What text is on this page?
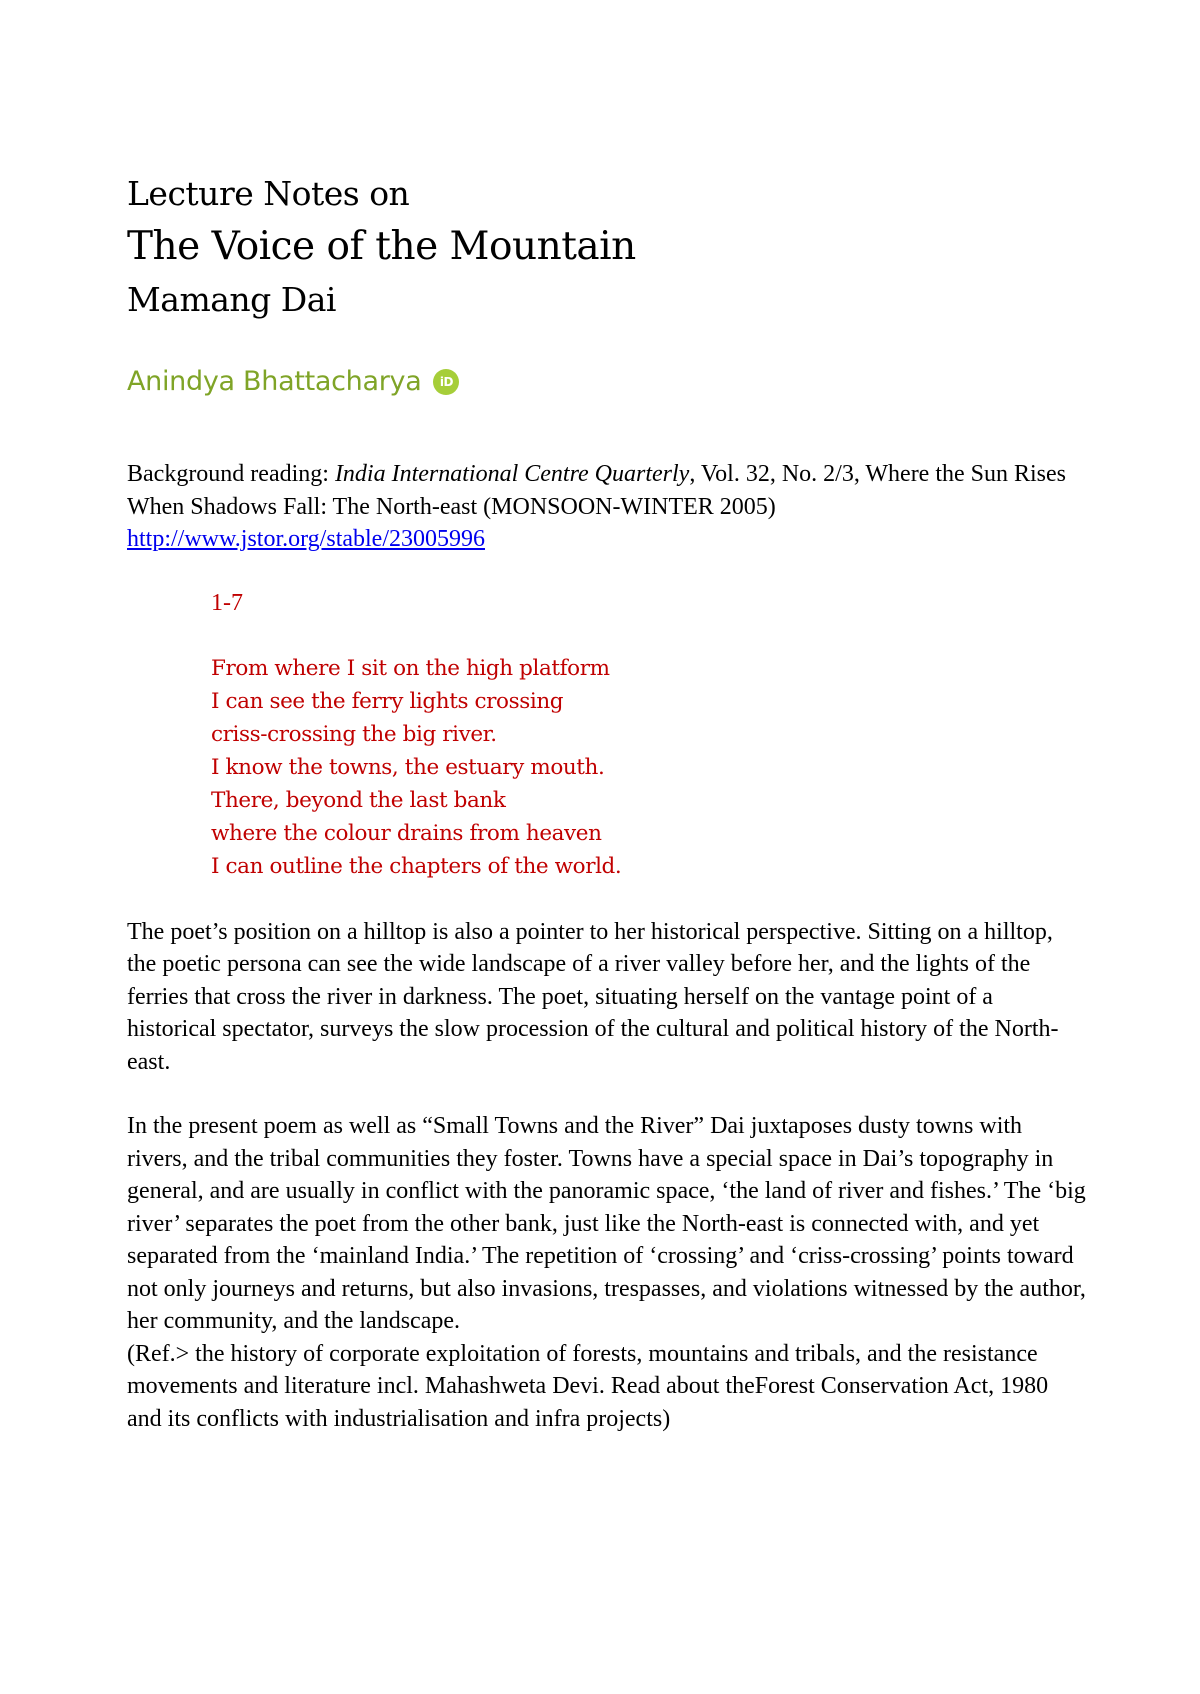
Lecture Notes on
The Voice of the Mountain
Mamang Dai
Anindya Bhattacharya	iD

Background reading: India International Centre Quarterly, Vol. 32, No. 2/3, Where the Sun Rises When Shadows Fall: The North-east (MONSOON-WINTER 2005)
http://www.jstor.org/stable/23005996

1-7

From where I sit on the high platform
I can see the ferry lights crossing
criss-crossing the big river.
I know the towns, the estuary mouth.
There, beyond the last bank
where the colour drains from heaven
I can outline the chapters of the world.

The poet’s position on a hilltop is also a pointer to her historical perspective. Sitting on a hilltop, the poetic persona can see the wide landscape of a river valley before her, and the lights of the ferries that cross the river in darkness. The poet, situating herself on the vantage point of a historical spectator, surveys the slow procession of the cultural and political history of the North-east.

In the present poem as well as “Small Towns and the River” Dai juxtaposes dusty towns with rivers, and the tribal communities they foster. Towns have a special space in Dai’s topography in general, and are usually in conflict with the panoramic space, ‘the land of river and fishes.’ The ‘big river’ separates the poet from the other bank, just like the North-east is connected with, and yet separated from the ‘mainland India.’ The repetition of ‘crossing’ and ‘criss-crossing’ points toward not only journeys and returns, but also invasions, trespasses, and violations witnessed by the author, her community, and the landscape.

(Ref.> the history of corporate exploitation of forests, mountains and tribals, and the resistance movements and literature incl. Mahashweta Devi. Read about theForest Conservation Act, 1980 and its conflicts with industrialisation and infra projects)
